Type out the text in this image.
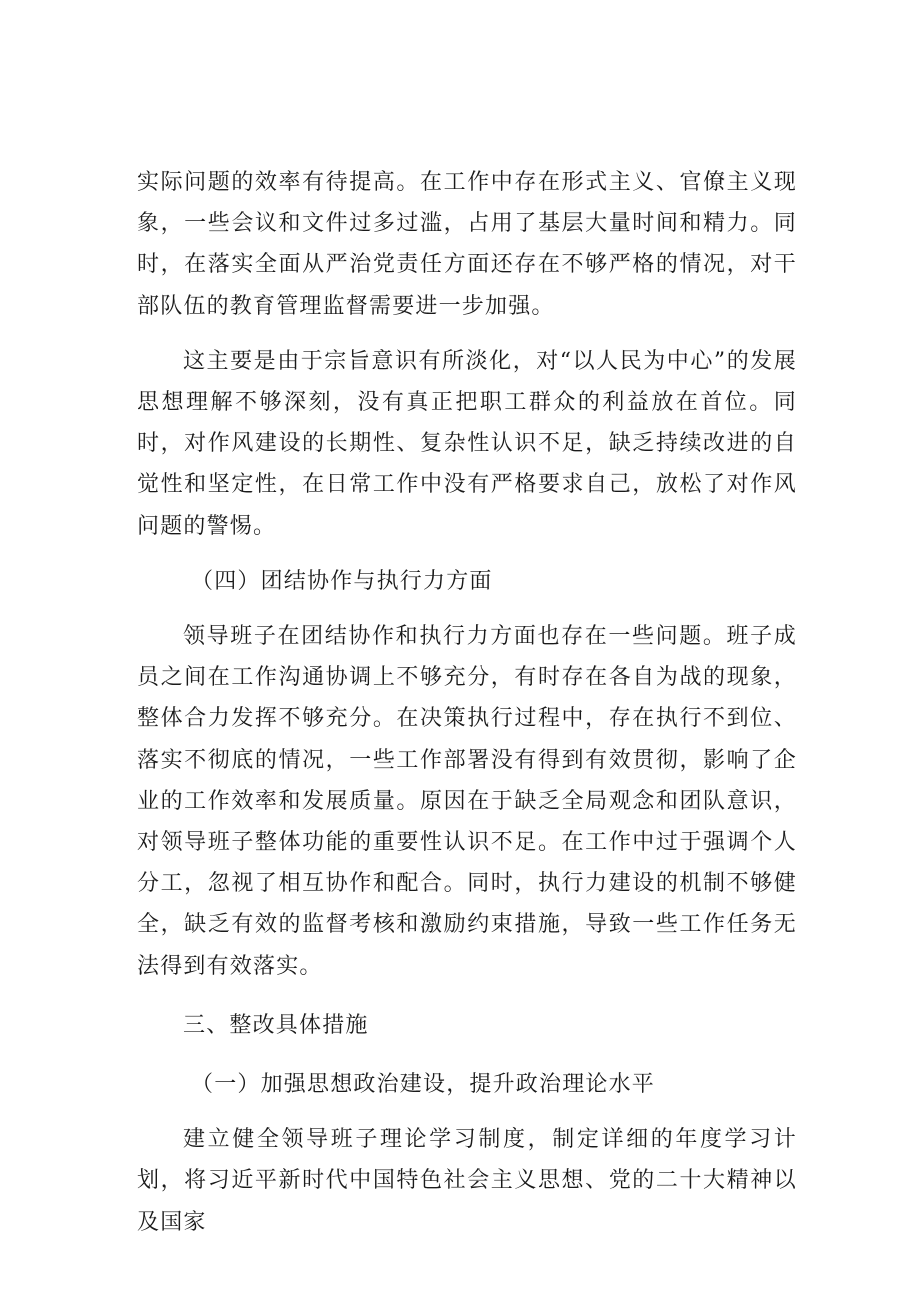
实际问题的效率有待提高。在工作中存在形式主义、官僚主义现象，一些会议和文件过多过滥，占用了基层大量时间和精力。同时，在落实全面从严治党责任方面还存在不够严格的情况，对干部队伍的教育管理监督需要进一步加强。

这主要是由于宗旨意识有所淡化，对“以人民为中心”的发展思想理解不够深刻，没有真正把职工群众的利益放在首位。同时，对作风建设的长期性、复杂性认识不足，缺乏持续改进的自觉性和坚定性，在日常工作中没有严格要求自己，放松了对作风问题的警惕。

（四）团结协作与执行力方面

领导班子在团结协作和执行力方面也存在一些问题。班子成员之间在工作沟通协调上不够充分，有时存在各自为战的现象，整体合力发挥不够充分。在决策执行过程中，存在执行不到位、落实不彻底的情况，一些工作部署没有得到有效贯彻，影响了企业的工作效率和发展质量。原因在于缺乏全局观念和团队意识，对领导班子整体功能的重要性认识不足。在工作中过于强调个人分工，忽视了相互协作和配合。同时，执行力建设的机制不够健全，缺乏有效的监督考核和激励约束措施，导致一些工作任务无法得到有效落实。

三、整改具体措施

（一）加强思想政治建设，提升政治理论水平

建立健全领导班子理论学习制度，制定详细的年度学习计划，将习近平新时代中国特色社会主义思想、党的二十大精神以及国家
